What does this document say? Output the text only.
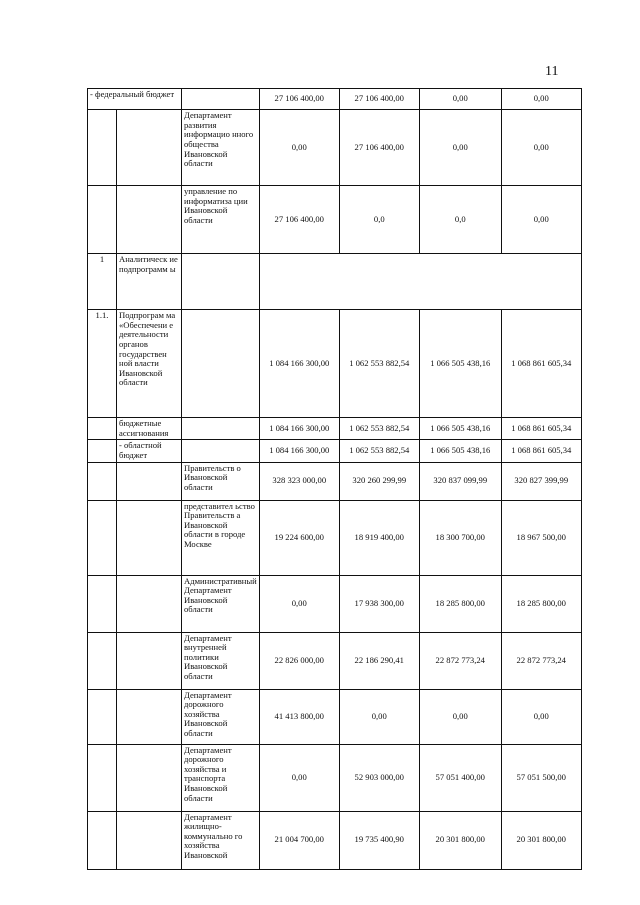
11
- федеральный бюджет			27 106 400,00	27 106 400,00	0,00	0,00
		Департамент развития информацио нного общества Ивановской области	0,00	27 106 400,00	0,00	0,00
		управление по информатиза ции Ивановской области	27 106 400,00	0,0	0,0	0,00
1	Аналитическ ие подпрограмм ы					
1.1.	Подпрограм ма «Обеспечени е деятельности органов государствен ной власти Ивановской области		1 084 166 300,00	1 062 553 882,54	1 066 505 438,16	1 068 861 605,34
	бюджетные ассигнования		1 084 166 300,00	1 062 553 882,54	1 066 505 438,16	1 068 861 605,34
	- областной бюджет		1 084 166 300,00	1 062 553 882,54	1 066 505 438,16	1 068 861 605,34
		Правительств о Ивановской области	328 323 000,00	320 260 299,99	320 837 099,99	320 827 399,99
		представител ьство Правительств а Ивановской области в городе Москве	19 224 600,00	18 919 400,00	18 300 700,00	18 967 500,00
		Административный Департамент Ивановской области	0,00	17 938 300,00	18 285 800,00	18 285 800,00
		Департамент внутренней политики Ивановской области	22 826 000,00	22 186 290,41	22 872 773,24	22 872 773,24
		Департамент дорожного хозяйства Ивановской области	41 413 800,00	0,00	0,00	0,00
		Департамент дорожного хозяйства и транспорта Ивановской области	0,00	52 903 000,00	57 051 400,00	57 051 500,00
		Департамент жилищно-коммунально го хозяйства Ивановской	21 004 700,00	19 735 400,90	20 301 800,00	20 301 800,00
